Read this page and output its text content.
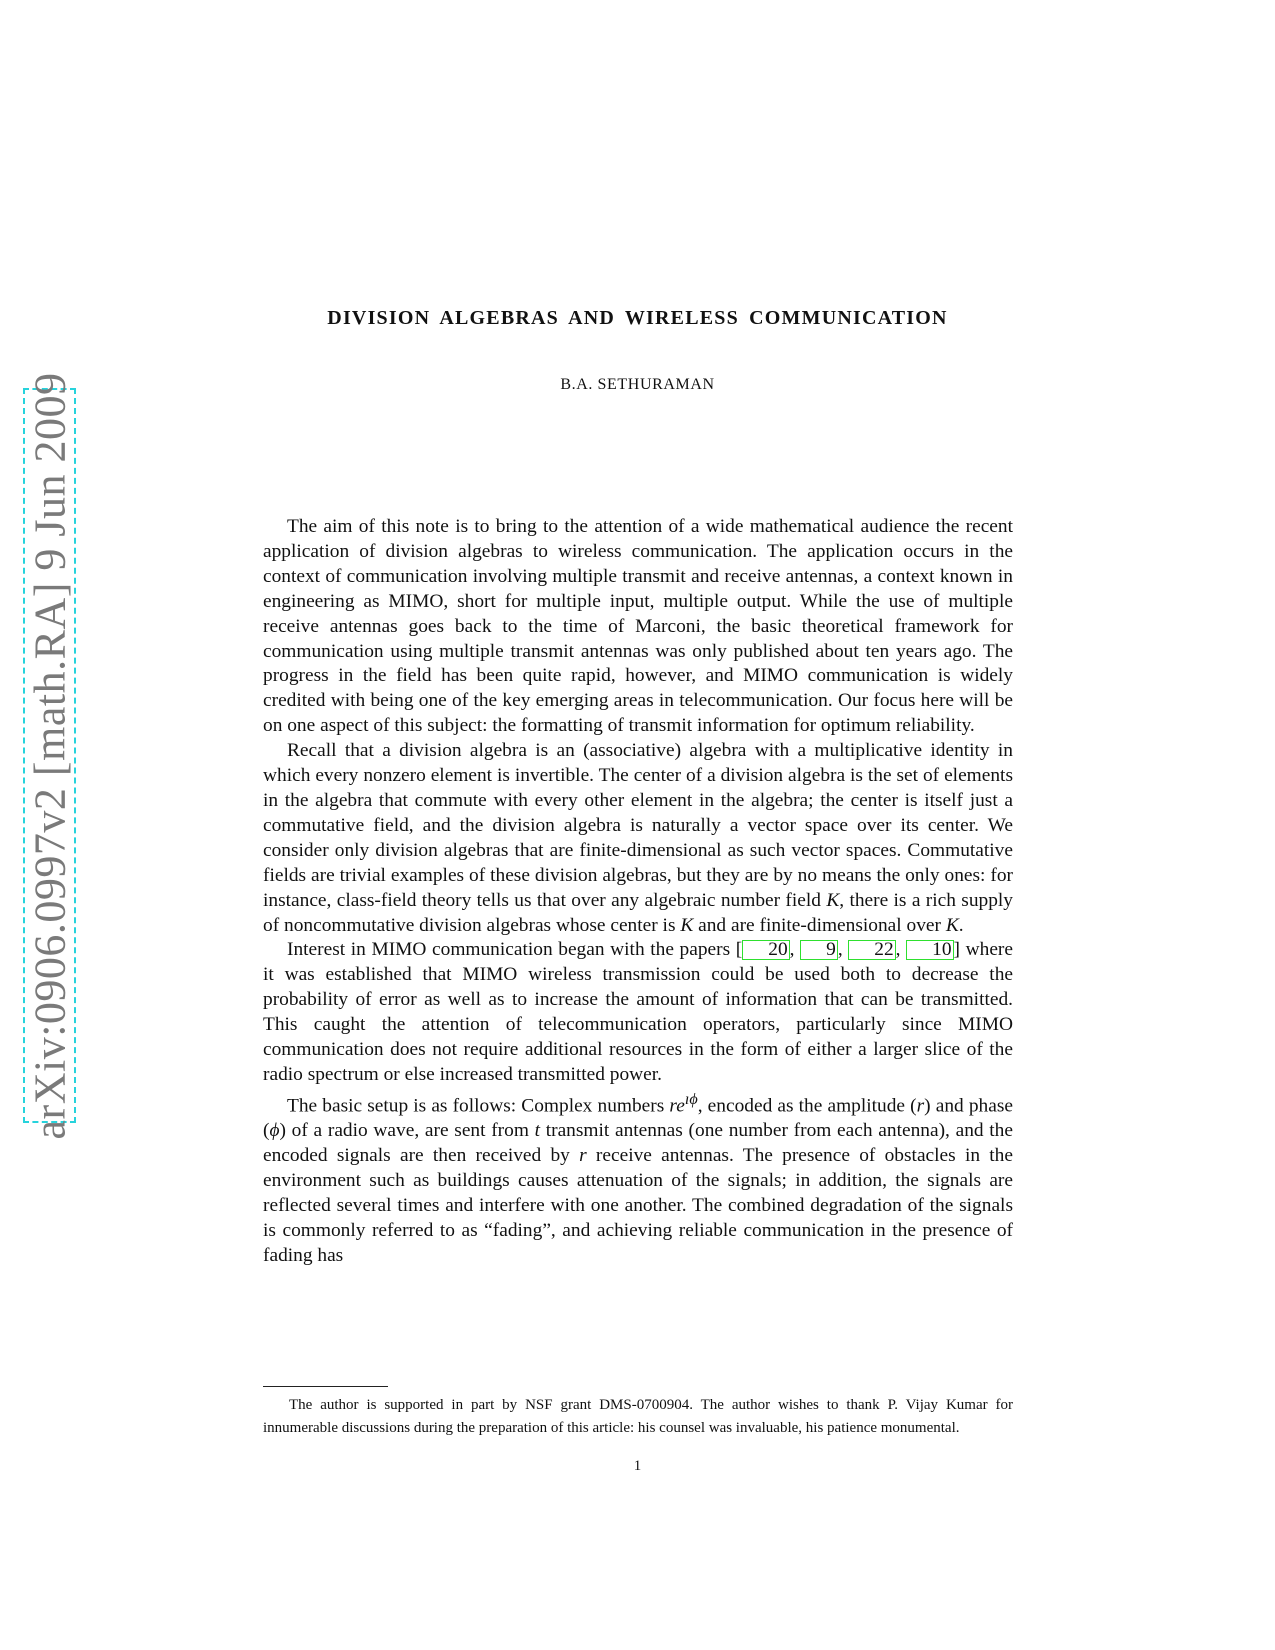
arXiv:0906.0997v2 [math.RA] 9 Jun 2009
DIVISION ALGEBRAS AND WIRELESS COMMUNICATION
B.A. SETHURAMAN

The aim of this note is to bring to the attention of a wide mathematical audience the recent application of division algebras to wireless communication. The application occurs in the context of communication involving multiple transmit and receive antennas, a context known in engineering as MIMO, short for multiple input, multiple output. While the use of multiple receive antennas goes back to the time of Marconi, the basic theoretical framework for communication using multiple transmit antennas was only published about ten years ago. The progress in the field has been quite rapid, however, and MIMO communication is widely credited with being one of the key emerging areas in telecommunication. Our focus here will be on one aspect of this subject: the formatting of transmit information for optimum reliability.

Recall that a division algebra is an (associative) algebra with a multiplicative identity in which every nonzero element is invertible. The center of a division algebra is the set of elements in the algebra that commute with every other element in the algebra; the center is itself just a commutative field, and the division algebra is naturally a vector space over its center. We consider only division algebras that are finite-dimensional as such vector spaces. Commutative fields are trivial examples of these division algebras, but they are by no means the only ones: for instance, class-field theory tells us that over any algebraic number field K, there is a rich supply of noncommutative division algebras whose center is K and are finite-dimensional over K.

Interest in MIMO communication began with the papers [ 20 , 9 , 22 , 10 ] where it was established that MIMO wireless transmission could be used both to decrease the probability of error as well as to increase the amount of information that can be transmitted. This caught the attention of telecommunication operators, particularly since MIMO communication does not require additional resources in the form of either a larger slice of the radio spectrum or else increased transmitted power.

The basic setup is as follows: Complex numbers $re^{ı\phi}$, encoded as the amplitude (r) and phase (ϕ) of a radio wave, are sent from t transmit antennas (one number from each antenna), and the encoded signals are then received by r receive antennas. The presence of obstacles in the environment such as buildings causes attenuation of the signals; in addition, the signals are reflected several times and interfere with one another. The combined degradation of the signals is commonly referred to as “fading”, and achieving reliable communication in the presence of fading has

The author is supported in part by NSF grant DMS-0700904. The author wishes to thank P. Vijay Kumar for innumerable discussions during the preparation of this article: his counsel was invaluable, his patience monumental.
1
